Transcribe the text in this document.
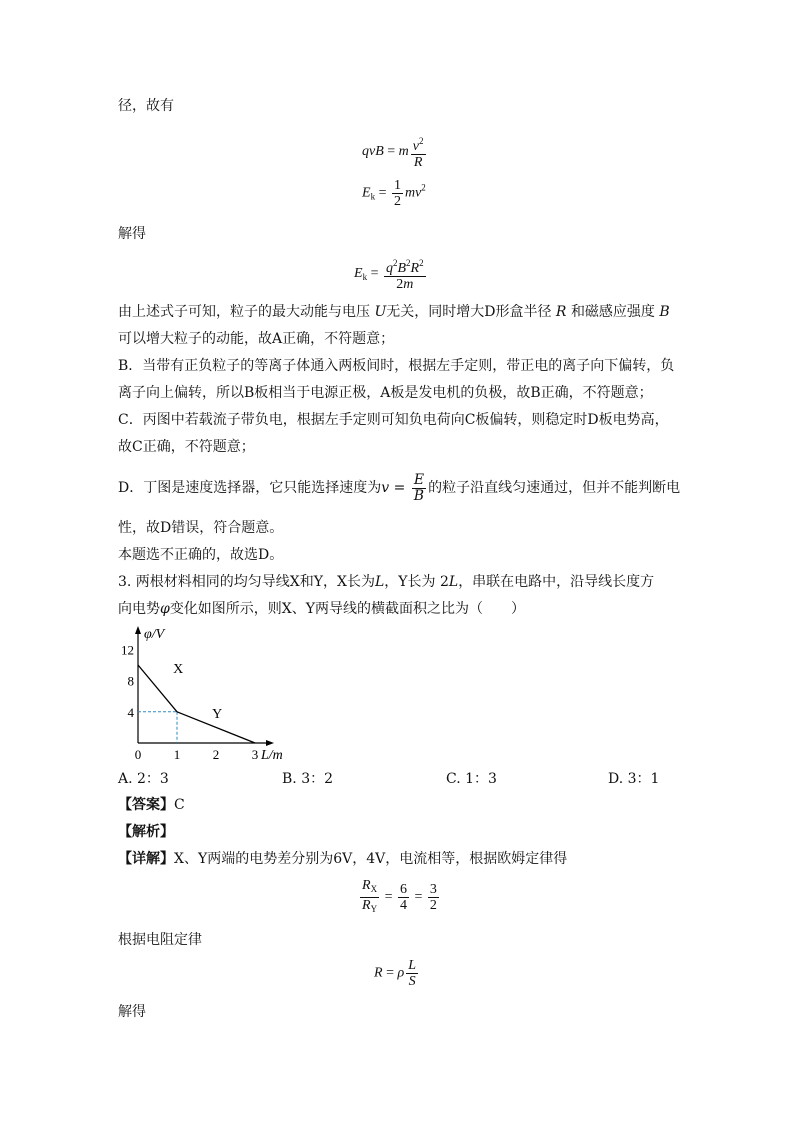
径，故有
qvB = m $\frac{v^2}{R}$
$E_k = \frac{1}{2} mv^2$
解得
$E_k = \frac{q^2B^2R^2}{2m}$
由上述式子可知，粒子的最大动能与电压 U无关，同时增大D形盒半径 R 和磁感应强度 B
可以增大粒子的动能，故A正确，不符题意；
B．当带有正负粒子的等离子体通入两板间时，根据左手定则，带正电的离子向下偏转，负
离子向上偏转，所以B板相当于电源正极，A板是发电机的负极，故B正确，不符题意；
C．丙图中若载流子带负电，根据左手定则可知负电荷向C板偏转，则稳定时D板电势高，
故C正确，不符题意；
D．丁图是速度选择器，它只能选择速度为$v = \frac{E}{B}$ 的粒子沿直线匀速通过，但并不能判断电
性，故D错误，符合题意。
本题选不正确的，故选D。
3. 两根材料相同的均匀导线X和Y，X长为L，Y长为 2L，串联在电路中，沿导线长度方
向电势φ变化如图所示，则X、Y两导线的横截面积之比为（　　）
φ/V
L/m
4
8
12
0	1	2	3
X
Y
A. 2：3	B. 3：2	C. 1：3	D. 3：1
【答案】C
【解析】
【详解】X、Y两端的电势差分别为6V，4V，电流相等，根据欧姆定律得
$\frac{R_X}{R_Y} = \frac{6}{4} = \frac{3}{2}$
根据电阻定律
R = ρ $\frac{L}{S}$
解得
